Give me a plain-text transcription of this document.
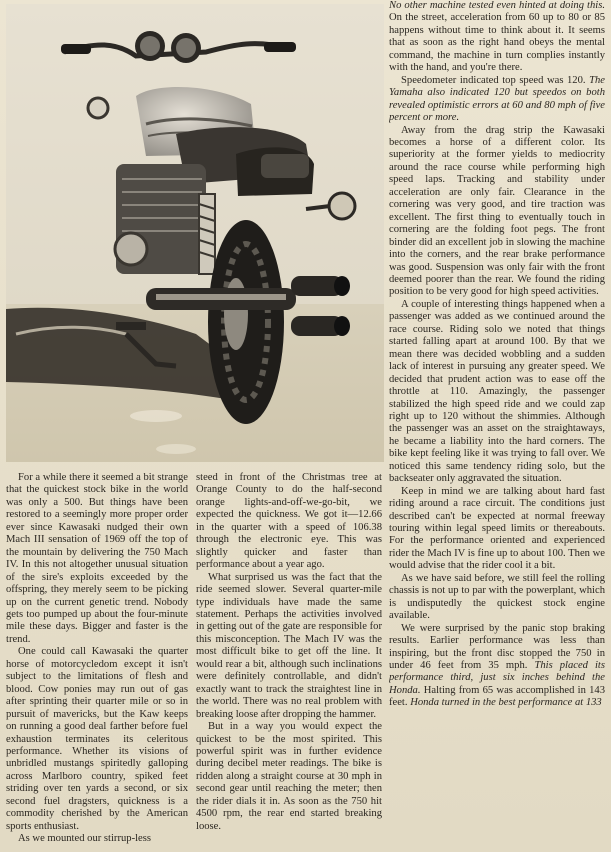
For a while there it seemed a bit strange that the quickest stock bike in the world was only a 500. But things have been restored to a seemingly more proper order ever since Kawasaki nudged their own Mach III sensation of 1969 off the top of the mountain by delivering the 750 Mach IV. In this not altogether unusual situation of the sire's exploits exceeded by the offspring, they merely seem to be picking up on the current genetic trend. Nobody gets too pumped up about the four-minute mile these days. Bigger and faster is the trend.

One could call Kawasaki the quarter horse of motorcycledom except it isn't subject to the limitations of flesh and blood. Cow ponies may run out of gas after sprinting their quarter mile or so in pursuit of mavericks, but the Kaw keeps on running a good deal farther before fuel exhaustion terminates its celeritous performance. Whether its visions of unbridled mustangs spiritedly galloping across Marlboro country, spiked feet striding over ten yards a second, or six second fuel dragsters, quickness is a commodity cherished by the American sports enthusiast.

As we mounted our stirrup-less

steed in front of the Christmas tree at Orange County to do the half-second orange lights-and-off-we-go-bit, we expected the quickness. We got it—12.66 in the quarter with a speed of 106.38 through the electronic eye. This was slightly quicker and faster than performance about a year ago.

What surprised us was the fact that the ride seemed slower. Several quarter-mile type individuals have made the same statement. Perhaps the activities involved in getting out of the gate are responsible for this misconception. The Mach IV was the most difficult bike to get off the line. It would rear a bit, although such inclinations were definitely controllable, and didn't exactly want to track the straightest line in the world. There was no real problem with breaking loose after dropping the hammer.

But in a way you would expect the quickest to be the most spirited. This powerful spirit was in further evidence during decibel meter readings. The bike is ridden along a straight course at 30 mph in second gear until reaching the meter; then the rider dials it in. As soon as the 750 hit 4500 rpm, the rear end started breaking loose.

No other machine tested even hinted at doing this. On the street, acceleration from 60 up to 80 or 85 happens without time to think about it. It seems that as soon as the right hand obeys the mental command, the machine in turn complies instantly with the hand, and you're there.

Speedometer indicated top speed was 120. The Yamaha also indicated 120 but speedos on both revealed optimistic errors at 60 and 80 mph of five percent or more.

Away from the drag strip the Kawasaki becomes a horse of a different color. Its superiority at the former yields to mediocrity around the race course while performing high speed laps. Tracking and stability under acceleration are only fair. Clearance in the cornering was very good, and tire traction was excellent. The first thing to eventually touch in cornering are the folding foot pegs. The front binder did an excellent job in slowing the machine into the corners, and the rear brake performance was good. Suspension was only fair with the front deemed poorer than the rear. We found the riding position to be very good for high speed activities.

A couple of interesting things happened when a passenger was added as we continued around the race course. Riding solo we noted that things started falling apart at around 100. By that we mean there was decided wobbling and a sudden lack of interest in pursuing any greater speed. We decided that prudent action was to ease off the throttle at 110. Amazingly, the passenger stabilized the high speed ride and we could zap right up to 120 without the shimmies. Although the passenger was an asset on the straightaways, he became a liability into the hard corners. The bike kept feeling like it was trying to fall over. We noticed this same tendency riding solo, but the backseater only aggravated the situation.

Keep in mind we are talking about hard fast riding around a race circuit. The conditions just described can't be expected at normal freeway touring within legal speed limits or thereabouts. For the performance oriented and experienced rider the Mach IV is fine up to about 100. Then we would advise that the rider cool it a bit.

As we have said before, we still feel the rolling chassis is not up to par with the powerplant, which is undisputedly the quickest stock engine available.

We were surprised by the panic stop braking results. Earlier performance was less than inspiring, but the front disc stopped the 750 in under 46 feet from 35 mph. This placed its performance third, just six inches behind the Honda. Halting from 65 was accomplished in 143 feet. Honda turned in the best performance at 133
